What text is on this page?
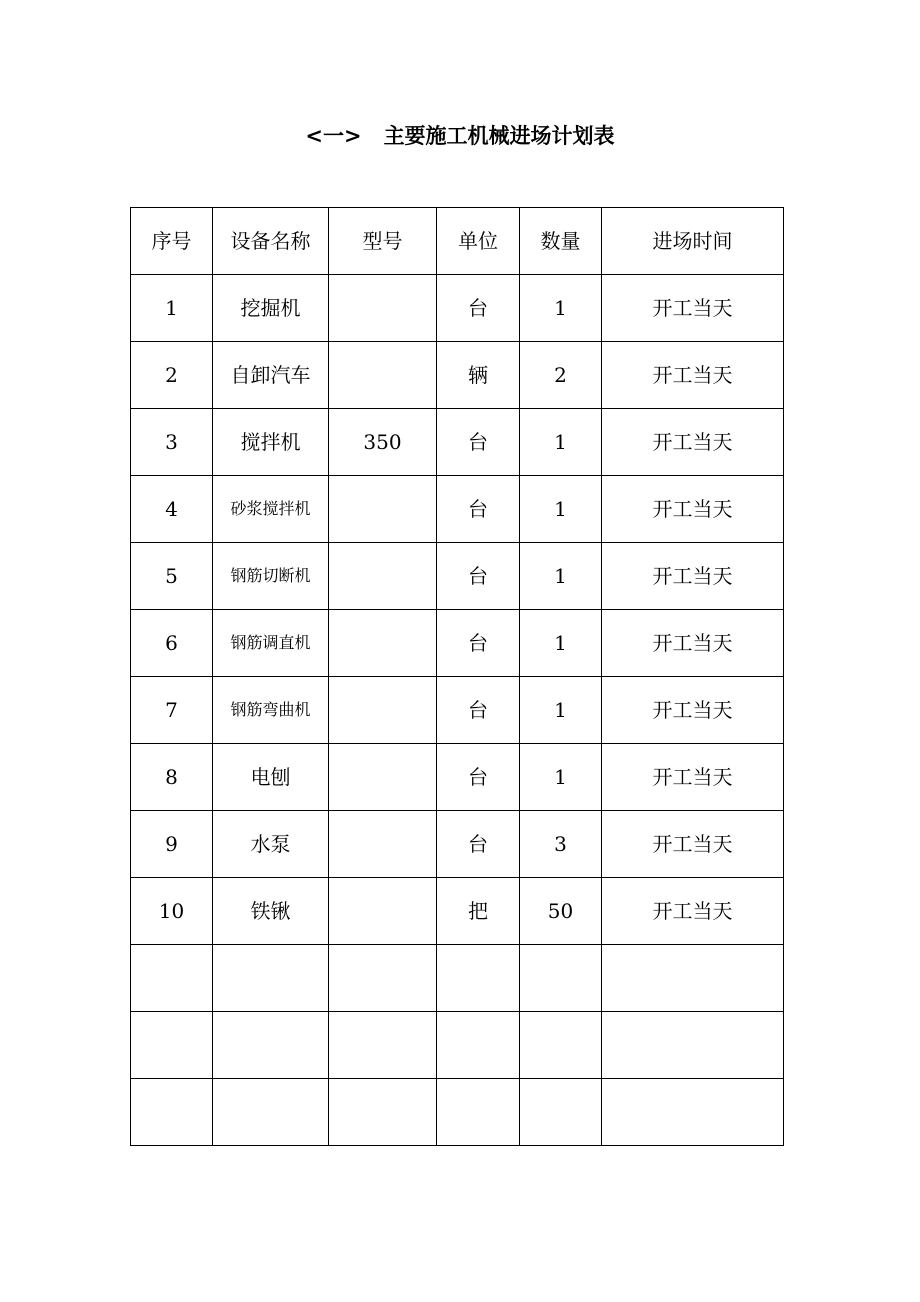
<一> 主要施工机械进场计划表
序号	设备名称	型号	单位	数量	进场时间
1	挖掘机		台	1	开工当天
2	自卸汽车		辆	2	开工当天
3	搅拌机	350	台	1	开工当天
4	砂浆搅拌机		台	1	开工当天
5	钢筋切断机		台	1	开工当天
6	钢筋调直机		台	1	开工当天
7	钢筋弯曲机		台	1	开工当天
8	电刨		台	1	开工当天
9	水泵		台	3	开工当天
10	铁锹		把	50	开工当天
